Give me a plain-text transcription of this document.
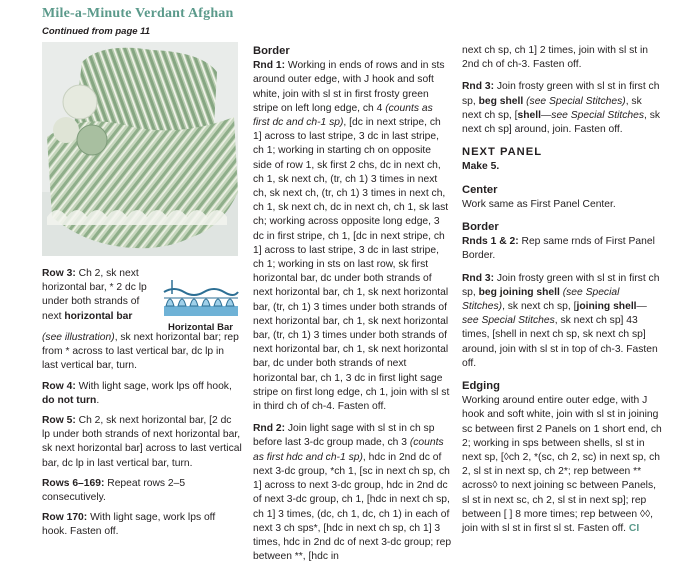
Mile-a-Minute Verdant Afghan
Continued from page 11
Horizontal Bar

Row 3: Ch 2, sk next horizontal bar, * 2 dc lp under both strands of next horizontal bar

(see illustration), sk next horizontal bar; rep from * across to last vertical bar, dc lp in last vertical bar, turn.

Row 4: With light sage, work lps off hook, do not turn.

Row 5: Ch 2, sk next horizontal bar, [2 dc lp under both strands of next horizontal bar, sk next horizontal bar] across to last vertical bar, dc lp in last vertical bar, turn.

Rows 6–169: Repeat rows 2–5 consecutively.

Row 170: With light sage, work lps off hook. Fasten off.

Border

Rnd 1: Working in ends of rows and in sts around outer edge, with J hook and soft white, join with sl st in first frosty green stripe on left long edge, ch 4 (counts as first dc and ch-1 sp), [dc in next stripe, ch 1] across to last stripe, 3 dc in last stripe, ch 1; working in starting ch on opposite side of row 1, sk first 2 chs, dc in next ch, ch 1, sk next ch, (tr, ch 1) 3 times in next ch, sk next ch, (tr, ch 1) 3 times in next ch, ch 1, sk next ch, dc in next ch, ch 1, sk last ch; working across opposite long edge, 3 dc in first stripe, ch 1, [dc in next stripe, ch 1] across to last stripe, 3 dc in last stripe, ch 1; working in sts on last row, sk first horizontal bar, dc under both strands of next horizontal bar, ch 1, sk next horizontal bar, (tr, ch 1) 3 times under both strands of next horizontal bar, ch 1, sk next horizontal bar, (tr, ch 1) 3 times under both strands of next horizontal bar, ch 1, sk next horizontal bar, dc under both strands of next horizontal bar, ch 1, 3 dc in first light sage stripe on first long edge, ch 1, join with sl st in third ch of ch-4. Fasten off.

Rnd 2: Join light sage with sl st in ch sp before last 3-dc group made, ch 3 (counts as first hdc and ch-1 sp), hdc in 2nd dc of next 3-dc group, *ch 1, [sc in next ch sp, ch 1] across to next 3-dc group, hdc in 2nd dc of next 3-dc group, ch 1, [hdc in next ch sp, ch 1] 3 times, (dc, ch 1, dc, ch 1) in each of next 3 ch sps*, [hdc in next ch sp, ch 1] 3 times, hdc in 2nd dc of next 3-dc group; rep between **, [hdc in

next ch sp, ch 1] 2 times, join with sl st in 2nd ch of ch-3. Fasten off.

Rnd 3: Join frosty green with sl st in first ch sp, beg shell (see Special Stitches), sk next ch sp, [shell—see Special Stitches, sk next ch sp] around, join. Fasten off.

NEXT PANEL

Make 5.

Center

Work same as First Panel Center.

Border

Rnds 1 & 2: Rep same rnds of First Panel Border.

Rnd 3: Join frosty green with sl st in first ch sp, beg joining shell (see Special Stitches), sk next ch sp, [joining shell—see Special Stitches, sk next ch sp] 43 times, [shell in next ch sp, sk next ch sp] around, join with sl st in top of ch-3. Fasten off.

Edging

Working around entire outer edge, with J hook and soft white, join with sl st in joining sc between first 2 Panels on 1 short end, ch 2; working in sps between shells, sl st in next sp, [◊ch 2, *(sc, ch 2, sc) in next sp, ch 2, sl st in next sp, ch 2*; rep between ** across◊ to next joining sc between Panels, sl st in next sc, ch 2, sl st in next sp]; rep between [ ] 8 more times; rep between ◊◊, join with sl st in first sl st. Fasten off. CI
